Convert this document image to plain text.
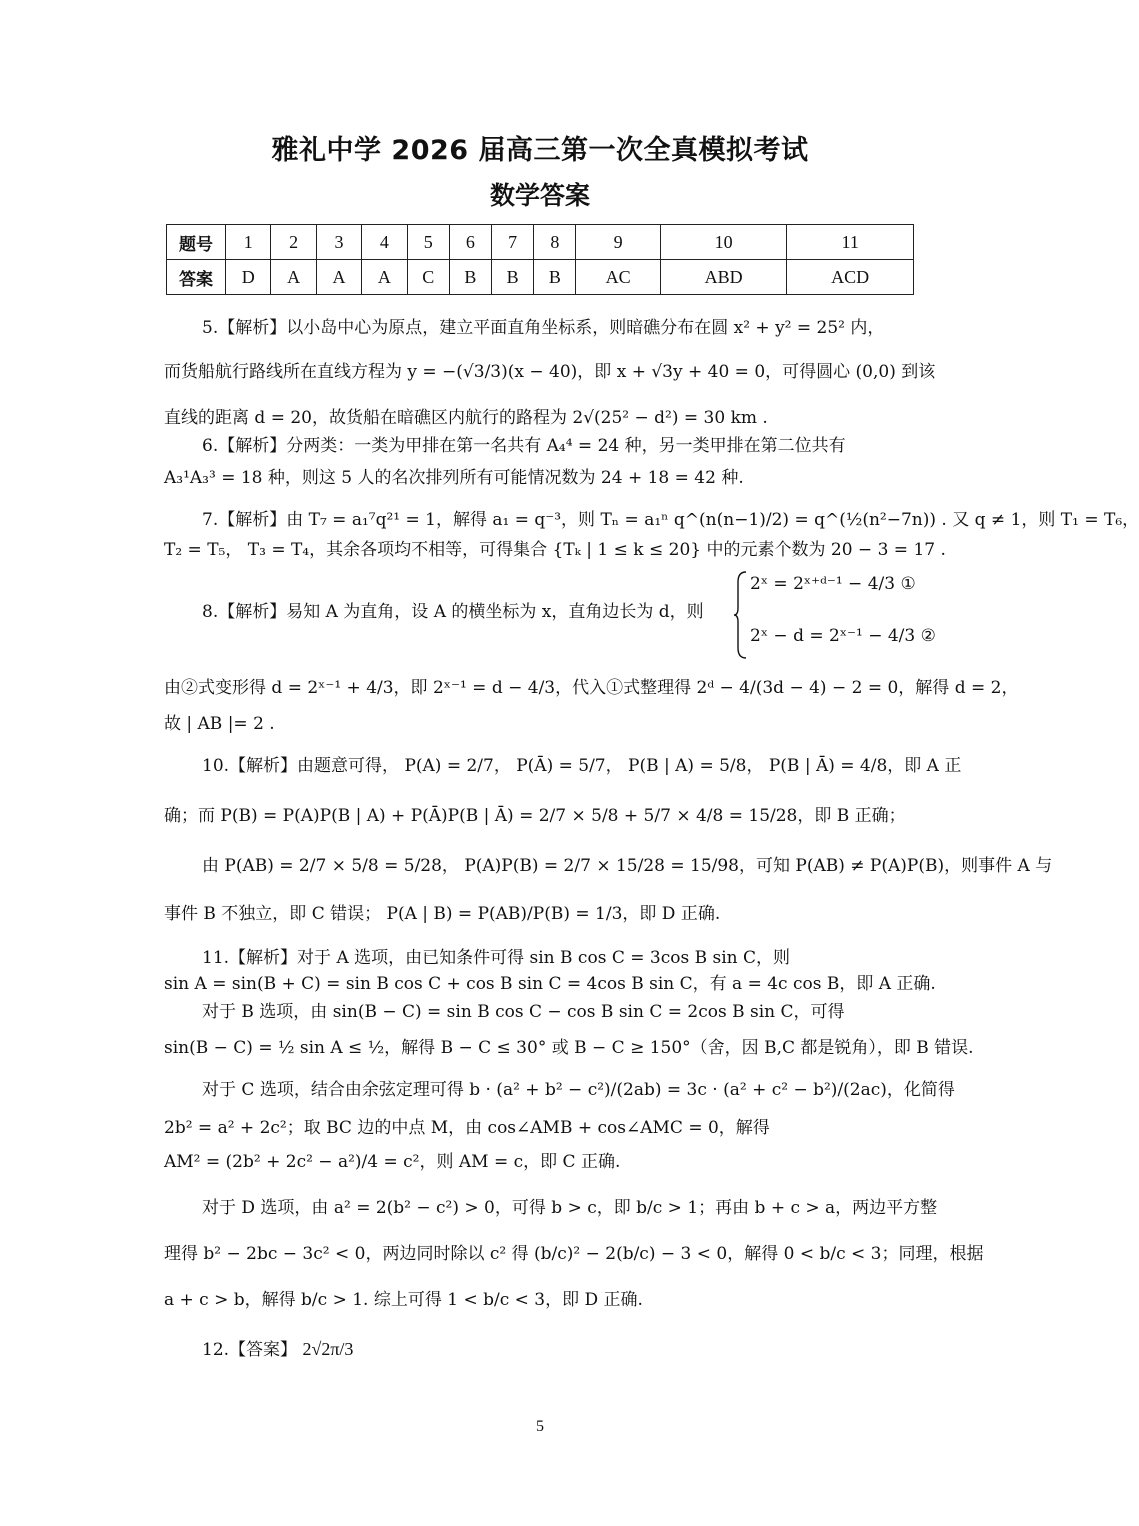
雅礼中学 2026 届高三第一次全真模拟考试
数学答案
题号	1	2	3	4	5	6	7	8	9	10	11
答案	D	A	A	A	C	B	B	B	AC	ABD	ACD
5.【解析】以小岛中心为原点，建立平面直角坐标系，则暗礁分布在圆 x² + y² = 25² 内，
而货船航行路线所在直线方程为 y = −(√3/3)(x − 40)，即 x + √3y + 40 = 0，可得圆心 (0,0) 到该
直线的距离 d = 20，故货船在暗礁区内航行的路程为 2√(25² − d²) = 30 km .
6.【解析】分两类：一类为甲排在第一名共有 A₄⁴ = 24 种，另一类甲排在第二位共有
A₃¹A₃³ = 18 种，则这 5 人的名次排列所有可能情况数为 24 + 18 = 42 种.
7.【解析】由 T₇ = a₁⁷q²¹ = 1，解得 a₁ = q⁻³，则 Tₙ = a₁ⁿ q^(n(n−1)/2) = q^(½(n²−7n)) . 又 q ≠ 1，则 T₁ = T₆，
T₂ = T₅， T₃ = T₄，其余各项均不相等，可得集合 {Tₖ | 1 ≤ k ≤ 20} 中的元素个数为 20 − 3 = 17 .
8.【解析】易知 A 为直角，设 A 的横坐标为 x，直角边长为 d，则
2ˣ = 2ˣ⁺ᵈ⁻¹ − 4/3 ①
2ˣ − d = 2ˣ⁻¹ − 4/3 ②
由②式变形得 d = 2ˣ⁻¹ + 4/3，即 2ˣ⁻¹ = d − 4/3，代入①式整理得 2ᵈ − 4/(3d − 4) − 2 = 0，解得 d = 2，
故 | AB |= 2 .
10.【解析】由题意可得， P(A) = 2/7， P(Ā) = 5/7， P(B | A) = 5/8， P(B | Ā) = 4/8，即 A 正
确；而 P(B) = P(A)P(B | A) + P(Ā)P(B | Ā) = 2/7 × 5/8 + 5/7 × 4/8 = 15/28，即 B 正确；
由 P(AB) = 2/7 × 5/8 = 5/28， P(A)P(B) = 2/7 × 15/28 = 15/98，可知 P(AB) ≠ P(A)P(B)，则事件 A 与
事件 B 不独立，即 C 错误； P(A | B) = P(AB)/P(B) = 1/3，即 D 正确.
11.【解析】对于 A 选项，由已知条件可得 sin B cos C = 3cos B sin C，则
sin A = sin(B + C) = sin B cos C + cos B sin C = 4cos B sin C，有 a = 4c cos B，即 A 正确.
对于 B 选项，由 sin(B − C) = sin B cos C − cos B sin C = 2cos B sin C，可得
sin(B − C) = ½ sin A ≤ ½，解得 B − C ≤ 30° 或 B − C ≥ 150°（舍，因 B,C 都是锐角），即 B 错误.
对于 C 选项，结合由余弦定理可得 b · (a² + b² − c²)/(2ab) = 3c · (a² + c² − b²)/(2ac)，化简得
2b² = a² + 2c²；取 BC 边的中点 M，由 cos∠AMB + cos∠AMC = 0，解得
AM² = (2b² + 2c² − a²)/4 = c²，则 AM = c，即 C 正确.
对于 D 选项，由 a² = 2(b² − c²) > 0，可得 b > c，即 b/c > 1；再由 b + c > a，两边平方整
理得 b² − 2bc − 3c² < 0，两边同时除以 c² 得 (b/c)² − 2(b/c) − 3 < 0，解得 0 < b/c < 3；同理，根据
a + c > b，解得 b/c > 1. 综上可得 1 < b/c < 3，即 D 正确.
12.【答案】 2√2π/3
5
